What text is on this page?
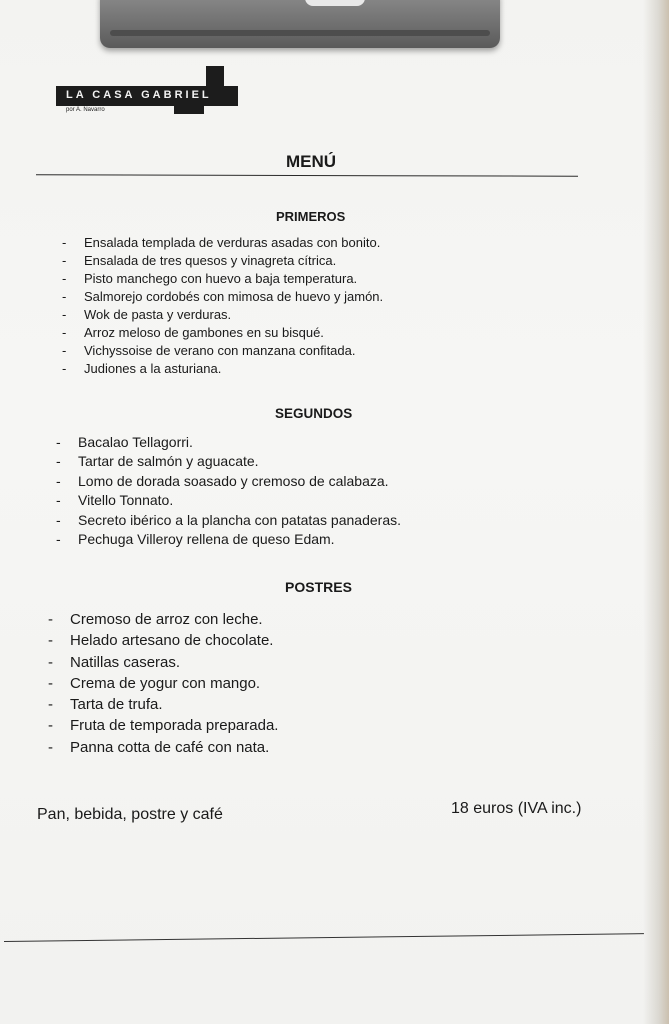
LA CASA GABRIEL
por A. Navarro
MENÚ
PRIMEROS
- Ensalada templada de verduras asadas con bonito.
- Ensalada de tres quesos y vinagreta cítrica.
- Pisto manchego con huevo a baja temperatura.
- Salmorejo cordobés con mimosa de huevo y jamón.
- Wok de pasta y verduras.
- Arroz meloso de gambones en su bisqué.
- Vichyssoise de verano con manzana confitada.
- Judiones a la asturiana.
SEGUNDOS
- Bacalao Tellagorri.
- Tartar de salmón y aguacate.
- Lomo de dorada soasado y cremoso de calabaza.
- Vitello Tonnato.
- Secreto ibérico a la plancha con patatas panaderas.
- Pechuga Villeroy rellena de queso Edam.
POSTRES
- Cremoso de arroz con leche.
- Helado artesano de chocolate.
- Natillas caseras.
- Crema de yogur con mango.
- Tarta de trufa.
- Fruta de temporada preparada.
- Panna cotta de café con nata.
Pan, bebida, postre y café	18 euros (IVA inc.)
